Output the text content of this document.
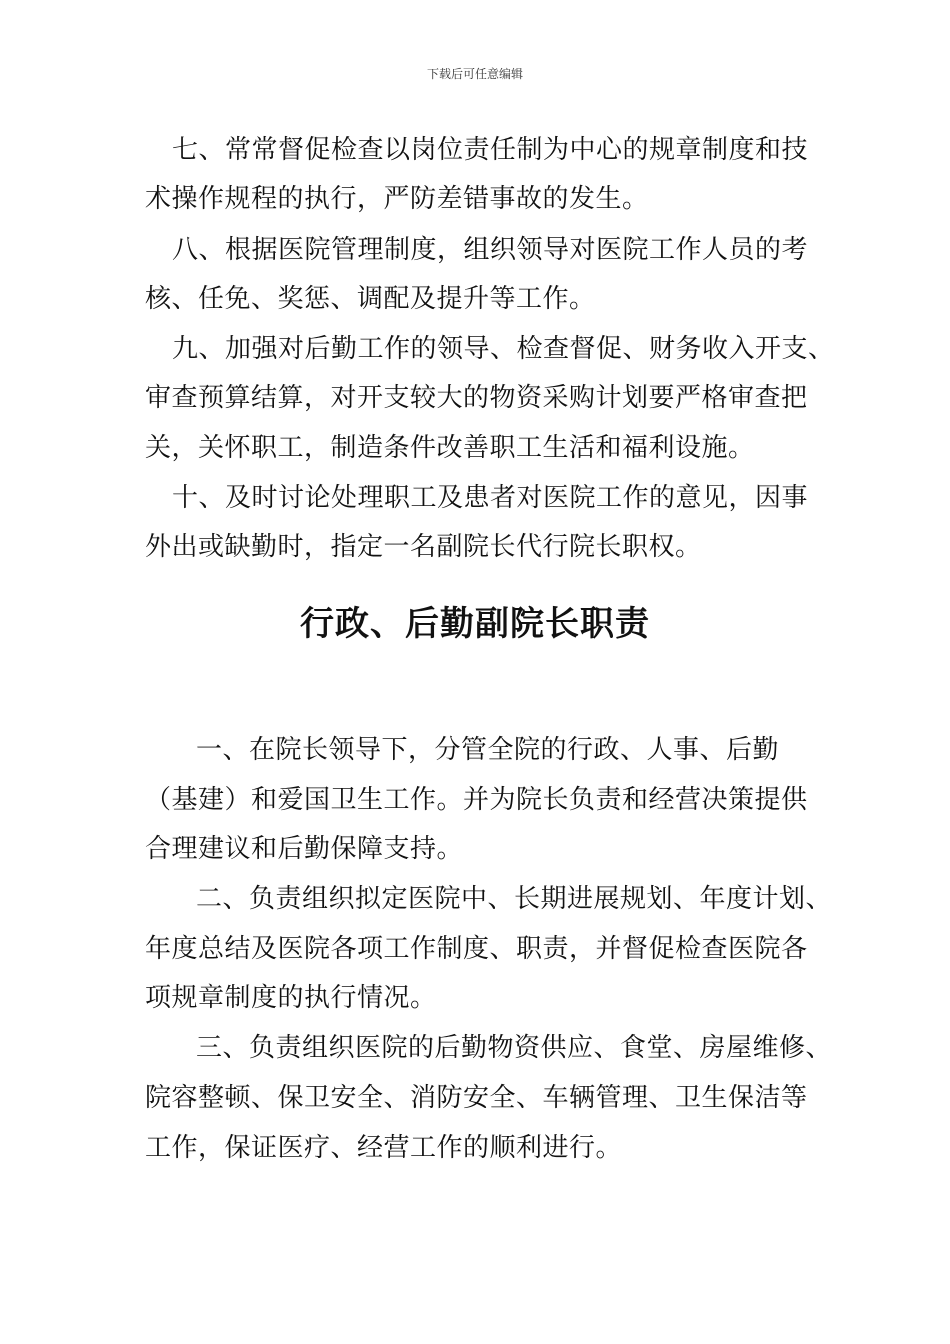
下载后可任意编辑
七、常常督促检查以岗位责任制为中心的规章制度和技
术操作规程的执行，严防差错事故的发生。
八、根据医院管理制度，组织领导对医院工作人员的考
核、任免、奖惩、调配及提升等工作。
九、加强对后勤工作的领导、检查督促、财务收入开支、
审查预算结算，对开支较大的物资采购计划要严格审查把
关，关怀职工，制造条件改善职工生活和福利设施。
十、及时讨论处理职工及患者对医院工作的意见，因事
外出或缺勤时，指定一名副院长代行院长职权。
行政、后勤副院长职责
一、在院长领导下，分管全院的行政、人事、后勤
（基建）和爱国卫生工作。并为院长负责和经营决策提供
合理建议和后勤保障支持。
二、负责组织拟定医院中、长期进展规划、年度计划、
年度总结及医院各项工作制度、职责，并督促检查医院各
项规章制度的执行情况。
三、负责组织医院的后勤物资供应、食堂、房屋维修、
院容整顿、保卫安全、消防安全、车辆管理、卫生保洁等
工作，保证医疗、经营工作的顺利进行。
